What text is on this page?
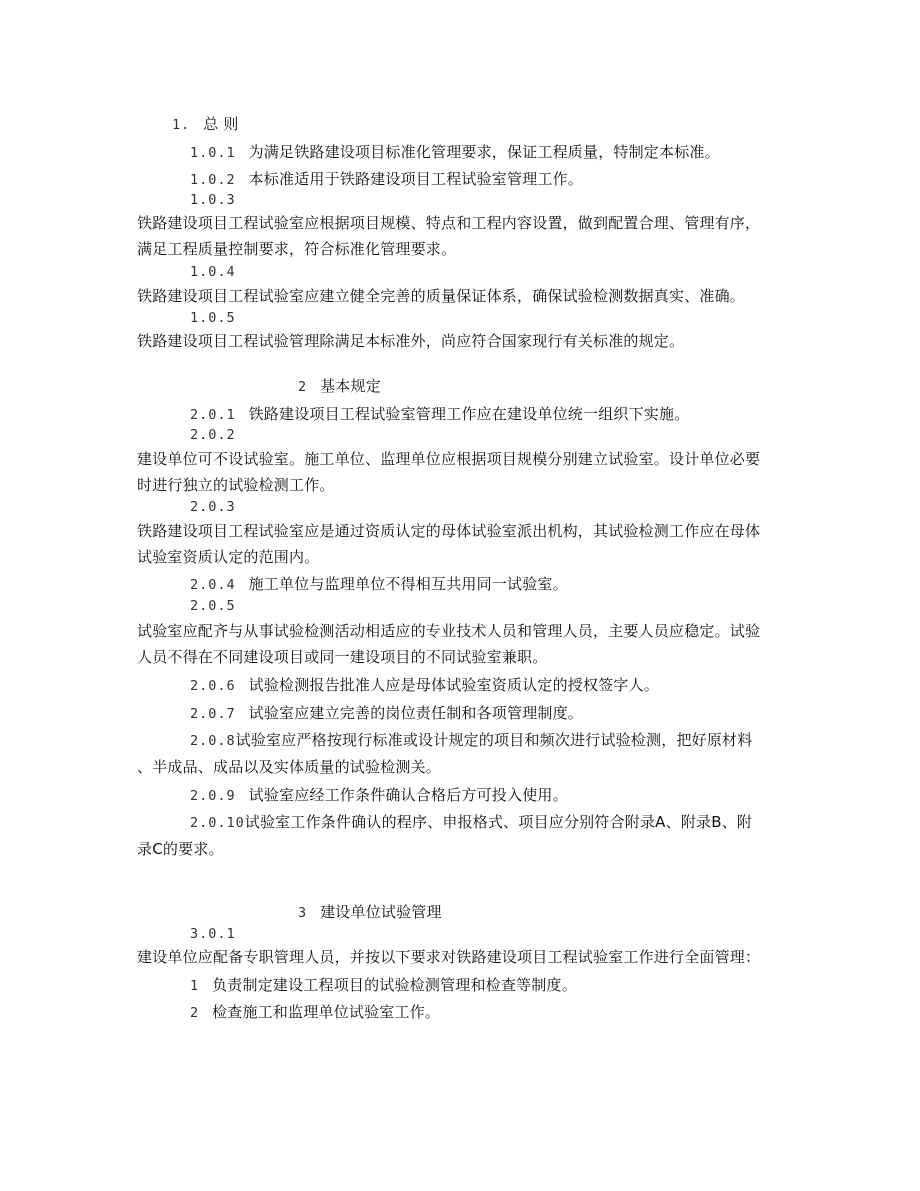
1. 总 则
1.0.1 为满足铁路建设项目标准化管理要求，保证工程质量，特制定本标准。
1.0.2 本标准适用于铁路建设项目工程试验室管理工作。
1.0.3
铁路建设项目工程试验室应根据项目规模、特点和工程内容设置，做到配置合理、管理有序，
满足工程质量控制要求，符合标准化管理要求。
1.0.4
铁路建设项目工程试验室应建立健全完善的质量保证体系，确保试验检测数据真实、准确。
1.0.5
铁路建设项目工程试验管理除满足本标准外，尚应符合国家现行有关标准的规定。
2 基本规定
2.0.1 铁路建设项目工程试验室管理工作应在建设单位统一组织下实施。
2.0.2
建设单位可不设试验室。施工单位、监理单位应根据项目规模分别建立试验室。设计单位必要
时进行独立的试验检测工作。
2.0.3
铁路建设项目工程试验室应是通过资质认定的母体试验室派出机构，其试验检测工作应在母体
试验室资质认定的范围内。
2.0.4 施工单位与监理单位不得相互共用同一试验室。
2.0.5
试验室应配齐与从事试验检测活动相适应的专业技术人员和管理人员，主要人员应稳定。试验
人员不得在不同建设项目或同一建设项目的不同试验室兼职。
2.0.6 试验检测报告批准人应是母体试验室资质认定的授权签字人。
2.0.7 试验室应建立完善的岗位责任制和各项管理制度。
2.0.8试验室应严格按现行标准或设计规定的项目和频次进行试验检测，把好原材料
、半成品、成品以及实体质量的试验检测关。
2.0.9 试验室应经工作条件确认合格后方可投入使用。
2.0.10试验室工作条件确认的程序、申报格式、项目应分别符合附录A、附录B、附
录C的要求。
3 建设单位试验管理
3.0.1
建设单位应配备专职管理人员，并按以下要求对铁路建设项目工程试验室工作进行全面管理：
1 负责制定建设工程项目的试验检测管理和检查等制度。
2 检查施工和监理单位试验室工作。
